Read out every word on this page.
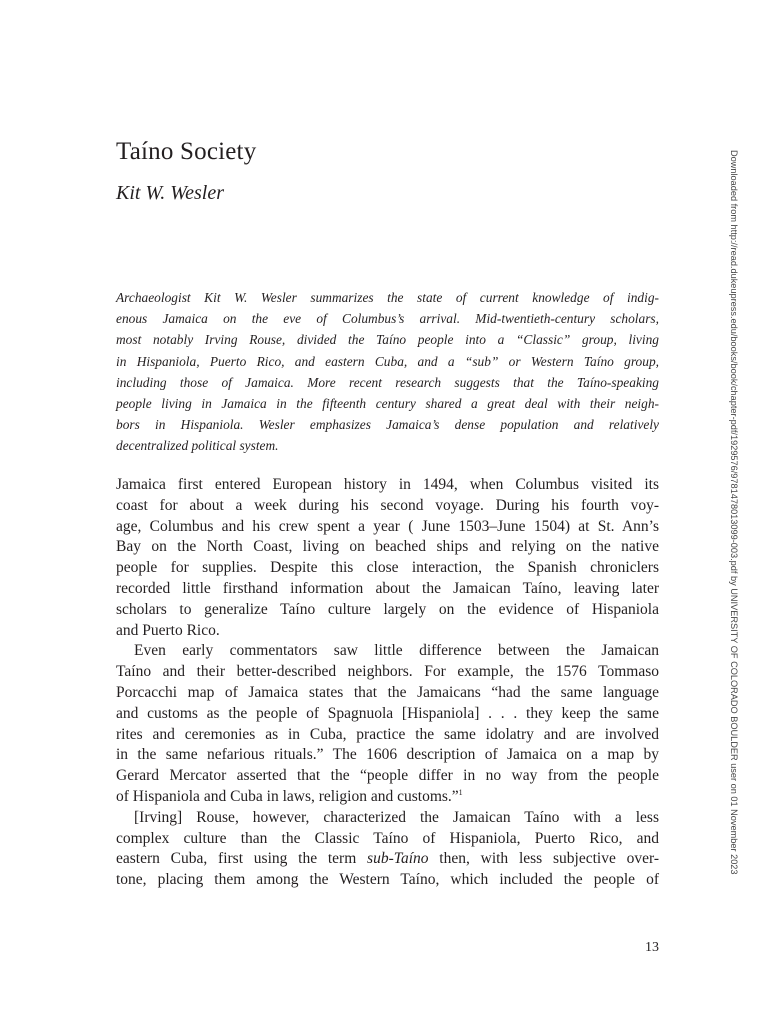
Taíno Society
Kit W. Wesler
Archaeologist Kit W. Wesler summarizes the state of current knowledge of indig-
enous Jamaica on the eve of Columbus’s arrival. Mid-twentieth-century scholars,
most notably Irving Rouse, divided the Taíno people into a “Classic” group, living
in Hispaniola, Puerto Rico, and eastern Cuba, and a “sub” or Western Taíno group,
including those of Jamaica. More recent research suggests that the Taíno-speaking
people living in Jamaica in the fifteenth century shared a great deal with their neigh-
bors in Hispaniola. Wesler emphasizes Jamaica’s dense population and relatively
decentralized political system.
Jamaica first entered European history in 1494, when Columbus visited its
coast for about a week during his second voyage. During his fourth voy-
age, Columbus and his crew spent a year ( June 1503–June 1504) at St. Ann’s
Bay on the North Coast, living on beached ships and relying on the native
people for supplies. Despite this close interaction, the Spanish chroniclers
recorded little firsthand information about the Jamaican Taíno, leaving later
scholars to generalize Taíno culture largely on the evidence of Hispaniola
and Puerto Rico.
Even early commentators saw little difference between the Jamaican
Taíno and their better-described neighbors. For example, the 1576 Tommaso
Porcacchi map of Jamaica states that the Jamaicans “had the same language
and customs as the people of Spagnuola [Hispaniola] . . . they keep the same
rites and ceremonies as in Cuba, practice the same idolatry and are involved
in the same nefarious rituals.” The 1606 description of Jamaica on a map by
Gerard Mercator asserted that the “people differ in no way from the people
of Hispaniola and Cuba in laws, religion and customs.”$^1$
[Irving] Rouse, however, characterized the Jamaican Taíno with a less
complex culture than the Classic Taíno of Hispaniola, Puerto Rico, and
eastern Cuba, first using the term sub-Taíno then, with less subjective over-
tone, placing them among the Western Taíno, which included the people of
13
Downloaded from http://read.dukeupress.edu/books/book/chapter-pdf/1929576/9781478013099-003.pdf by UNIVERSITY OF COLORADO BOULDER user on 01 November 2023
